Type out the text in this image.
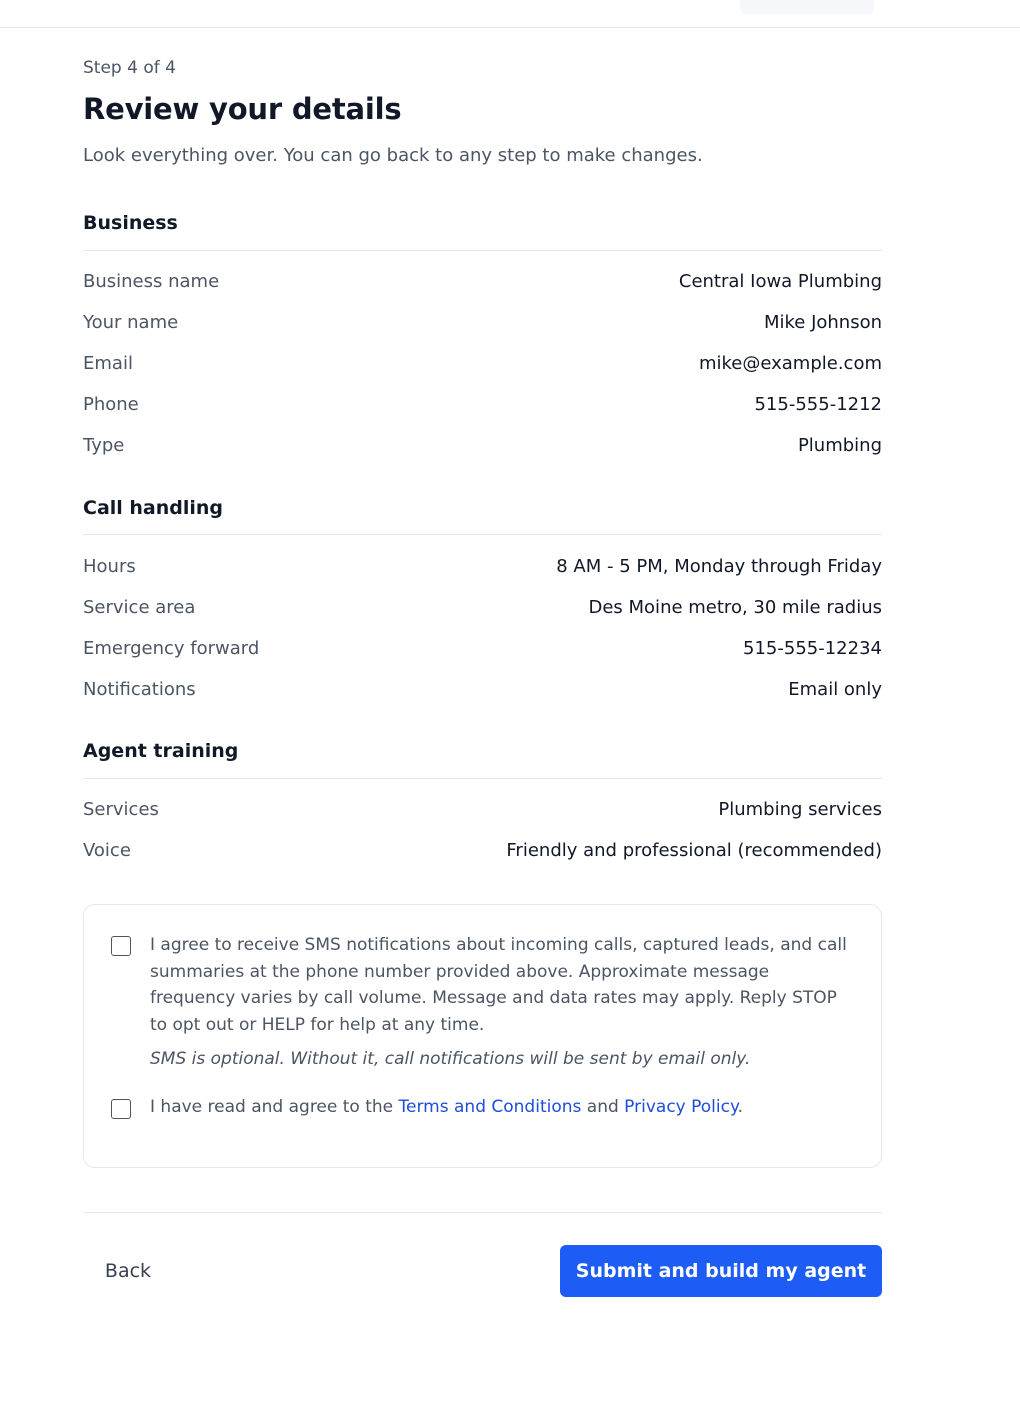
Step 4 of 4
Review your details

Look everything over. You can go back to any step to make changes.

Business
Business name	Central Iowa Plumbing
Your name	Mike Johnson
Email	mike@example.com
Phone	515-555-1212
Type	Plumbing
Call handling
Hours	8 AM - 5 PM, Monday through Friday
Service area	Des Moine metro, 30 mile radius
Emergency forward	515-555-12234
Notifications	Email only
Agent training
Services	Plumbing services
Voice	Friendly and professional (recommended)
I agree to receive SMS notifications about incoming calls, captured leads, and call summaries at the phone number provided above. Approximate message frequency varies by call volume. Message and data rates may apply. Reply STOP to opt out or HELP for help at any time.
SMS is optional. Without it, call notifications will be sent by email only.
I have read and agree to the Terms and Conditions and Privacy Policy.
Back	Submit and build my agent
